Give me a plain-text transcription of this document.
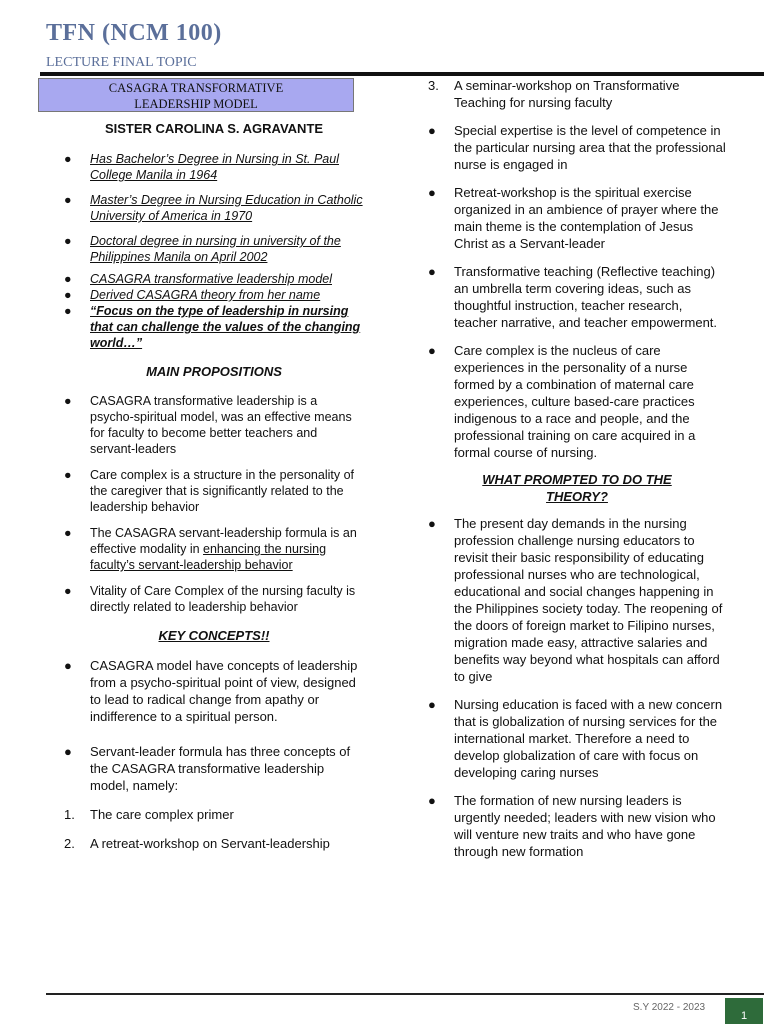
TFN (NCM 100)
LECTURE FINAL TOPIC
CASAGRA TRANSFORMATIVE
LEADERSHIP MODEL
SISTER CAROLINA S. AGRAVANTE
●	Has Bachelor’s Degree in Nursing in St. Paul College Manila in 1964
●	Master’s Degree in Nursing Education in Catholic University of America in 1970
●	Doctoral degree in nursing in university of the Philippines Manila on April 2002
●	CASAGRA transformative leadership model
●	Derived CASAGRA theory from her name
●	“Focus on the type of leadership in nursing that can challenge the values of the changing world…”
MAIN PROPOSITIONS
●	CASAGRA transformative leadership is a psycho-spiritual model, was an effective means for faculty to become better teachers and servant-leaders
●	Care complex is a structure in the personality of the caregiver that is significantly related to the leadership behavior
●	The CASAGRA servant-leadership formula is an effective modality in enhancing the nursing faculty’s servant-leadership behavior
●	Vitality of Care Complex of the nursing faculty is directly related to leadership behavior
KEY CONCEPTS!!
●	CASAGRA model have concepts of leadership from a psycho-spiritual point of view, designed to lead to radical change from apathy or indifference to a spiritual person.
●	Servant-leader formula has three concepts of the CASAGRA transformative leadership model, namely:
1.	The care complex primer
2.	A retreat-workshop on Servant-leadership
3.	A seminar-workshop on Transformative Teaching for nursing faculty
●	Special expertise is the level of competence in the particular nursing area that the professional nurse is engaged in
●	Retreat-workshop is the spiritual exercise organized in an ambience of prayer where the main theme is the contemplation of Jesus Christ as a Servant-leader
●	Transformative teaching (Reflective teaching) an umbrella term covering ideas, such as thoughtful instruction, teacher research, teacher narrative, and teacher empowerment.
●	Care complex is the nucleus of care experiences in the personality of a nurse formed by a combination of maternal care experiences, culture based-care practices indigenous to a race and people, and the professional training on care acquired in a formal course of nursing.
WHAT PROMPTED TO DO THE
THEORY?
●	The present day demands in the nursing profession challenge nursing educators to revisit their basic responsibility of educating professional nurses who are technological, educational and social changes happening in the Philippines society today. The reopening of the doors of foreign market to Filipino nurses, migration made easy, attractive salaries and benefits way beyond what hospitals can afford to give
●	Nursing education is faced with a new concern that is globalization of nursing services for the international market. Therefore a need to develop globalization of care with focus on developing caring nurses
●	The formation of new nursing leaders is urgently needed; leaders with new vision who will venture new traits and who have gone through new formation
S.Y 2022 - 2023
1
